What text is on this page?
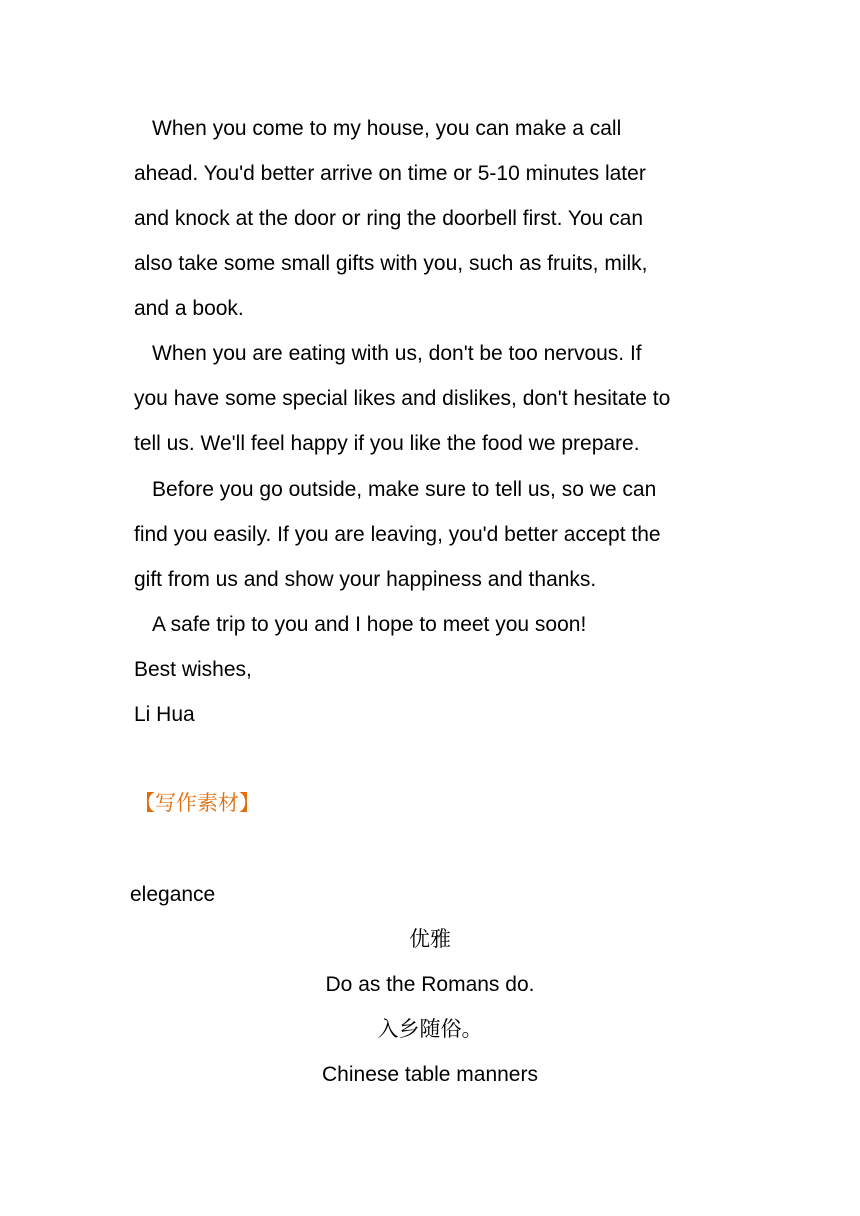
When you come to my house, you can make a call

ahead. You'd better arrive on time or 5-10 minutes later

and knock at the door or ring the doorbell first. You can

also take some small gifts with you, such as fruits, milk,

and a book.

When you are eating with us, don't be too nervous. If

you have some special likes and dislikes, don't hesitate to

tell us. We'll feel happy if you like the food we prepare.

Before you go outside, make sure to tell us, so we can

find you easily. If you are leaving, you'd better accept the

gift from us and show your happiness and thanks.

A safe trip to you and I hope to meet you soon!

Best wishes,

Li Hua

【写作素材】

elegance

优雅
Do as the Romans do.
入乡随俗。
Chinese table manners
